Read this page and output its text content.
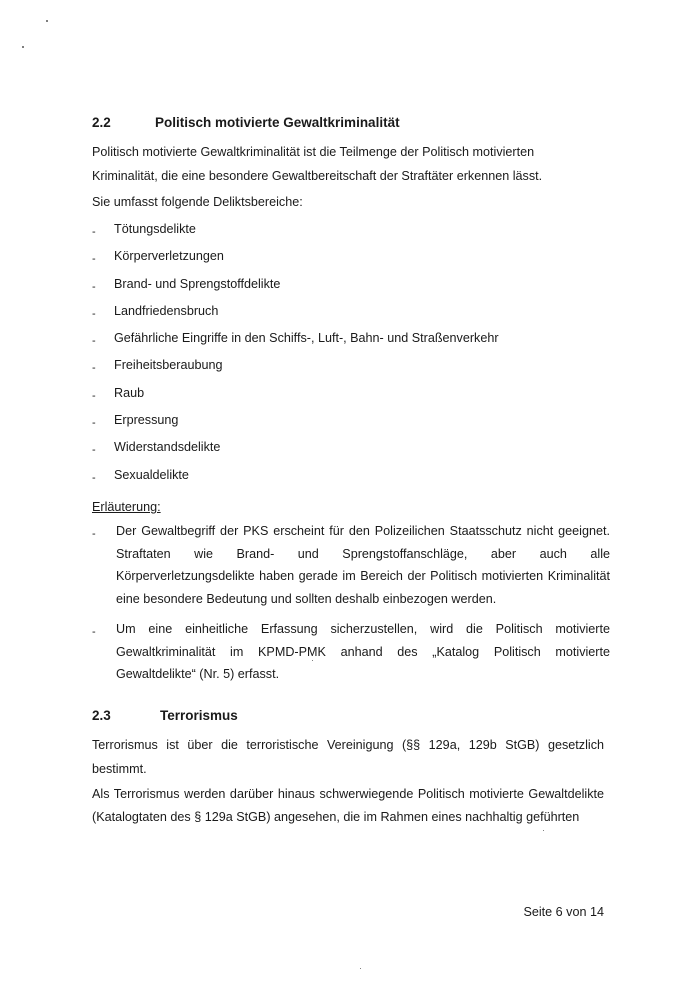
2.2	Politisch motivierte Gewaltkriminalität
Politisch motivierte Gewaltkriminalität ist die Teilmenge der Politisch motivierten Kriminalität, die eine besondere Gewaltbereitschaft der Straftäter erkennen lässt.
Sie umfasst folgende Deliktsbereiche:
- Tötungsdelikte
- Körperverletzungen
- Brand- und Sprengstoffdelikte
- Landfriedensbruch
- Gefährliche Eingriffe in den Schiffs-, Luft-, Bahn- und Straßenverkehr
- Freiheitsberaubung
- Raub
- Erpressung
- Widerstandsdelikte
- Sexualdelikte
Erläuterung:
- Der Gewaltbegriff der PKS erscheint für den Polizeilichen Staatsschutz nicht geeignet. Straftaten wie Brand- und Sprengstoffanschläge, aber auch alle Körperverletzungsdelikte haben gerade im Bereich der Politisch motivierten Kriminalität eine besondere Bedeutung und sollten deshalb einbezogen werden.
- Um eine einheitliche Erfassung sicherzustellen, wird die Politisch motivierte Gewaltkriminalität im KPMD-PMK anhand des „Katalog Politisch motivierte Gewaltdelikte“ (Nr. 5) erfasst.
2.3	Terrorismus
Terrorismus ist über die terroristische Vereinigung (§§ 129a, 129b StGB) gesetzlich bestimmt.
Als Terrorismus werden darüber hinaus schwerwiegende Politisch motivierte Gewaltdelikte (Katalogtaten des § 129a StGB) angesehen, die im Rahmen eines nachhaltig geführten
Seite 6 von 14
